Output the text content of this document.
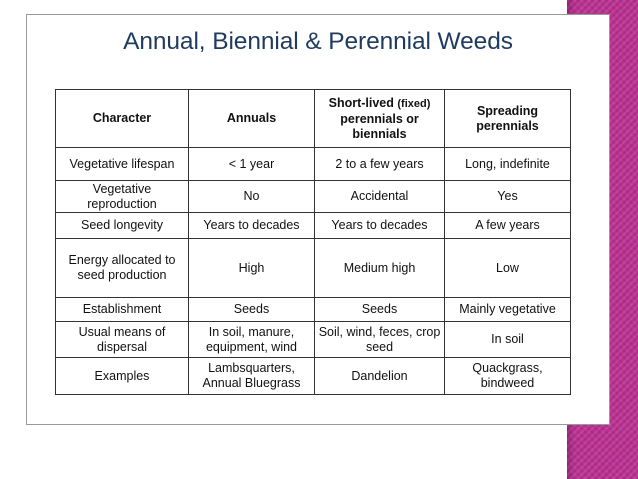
Annual, Biennial & Perennial Weeds
Character	Annuals	Short-lived (fixed) perennials or biennials	Spreading perennials
Vegetative lifespan	< 1 year	2 to a few years	Long, indefinite
Vegetative reproduction	No	Accidental	Yes
Seed longevity	Years to decades	Years to decades	A few years
Energy allocated to seed production	High	Medium high	Low
Establishment	Seeds	Seeds	Mainly vegetative
Usual means of dispersal	In soil, manure, equipment, wind	Soil, wind, feces, crop seed	In soil
Examples	Lambsquarters, Annual Bluegrass	Dandelion	Quackgrass, bindweed
